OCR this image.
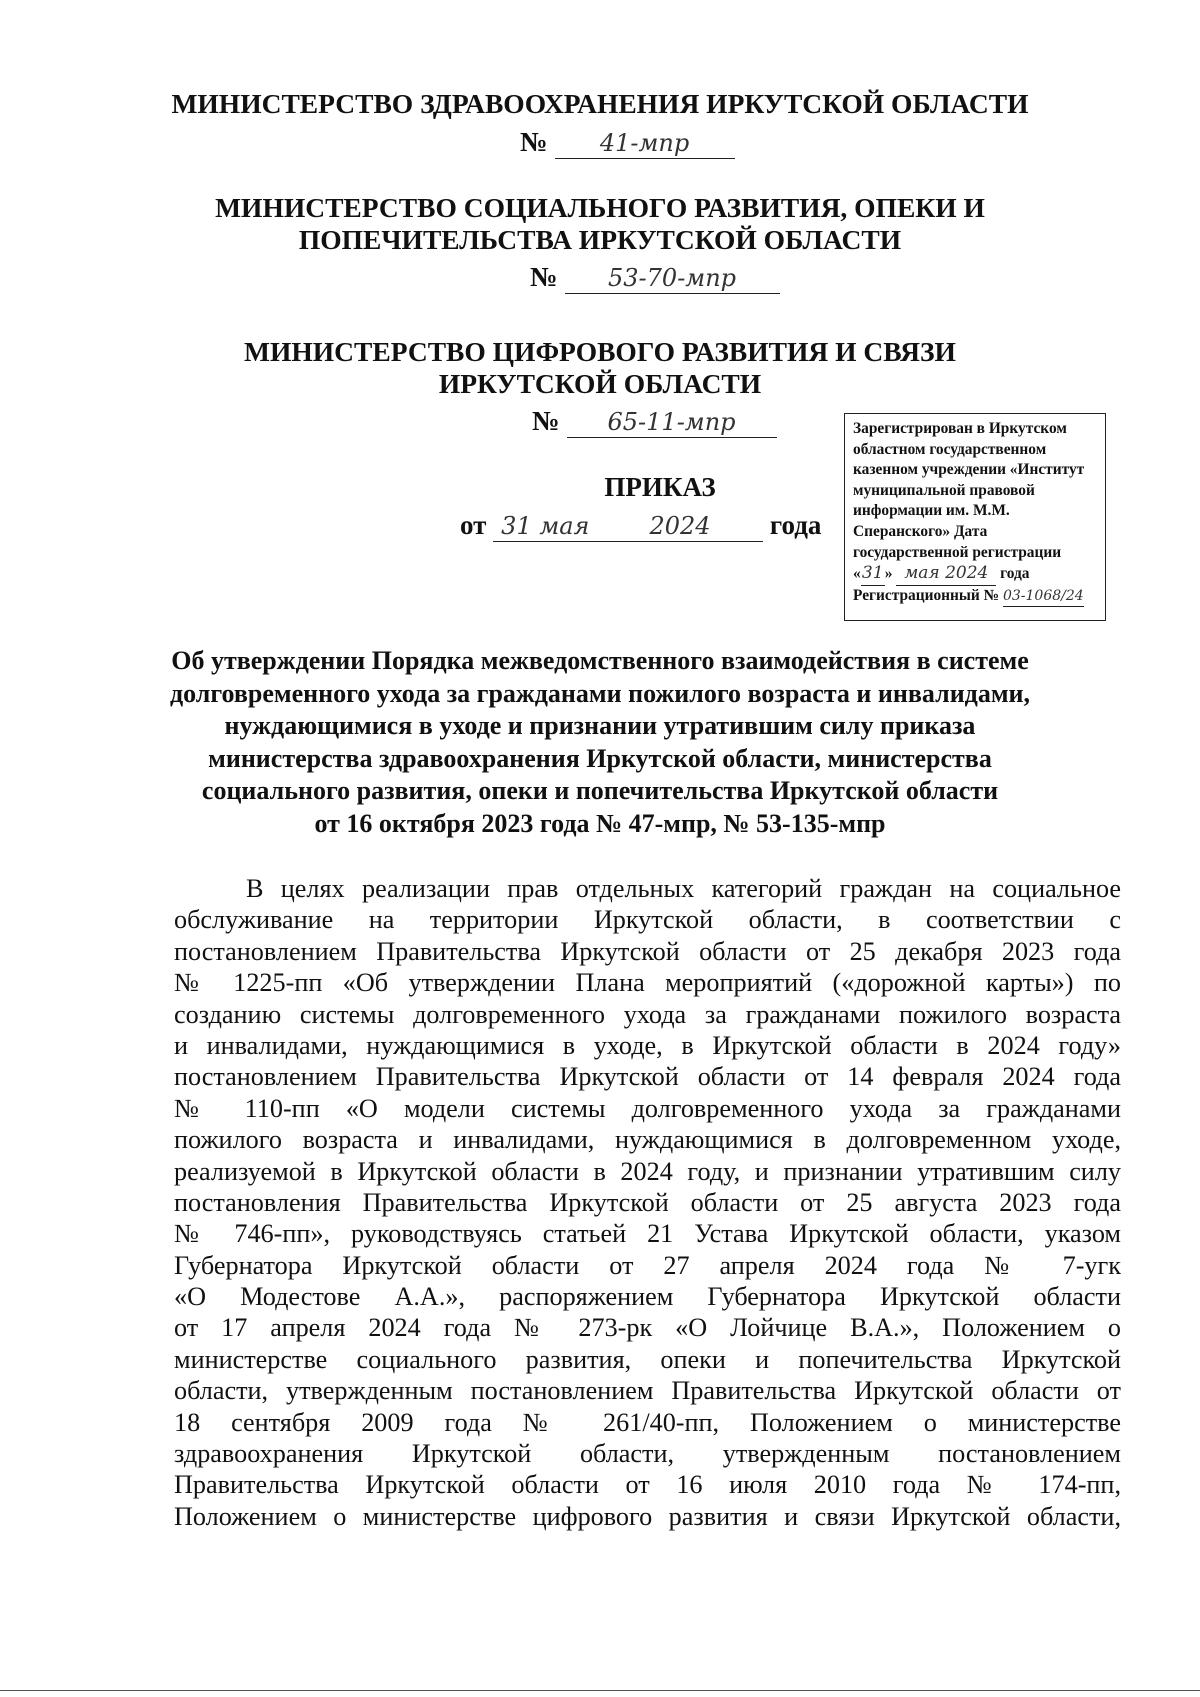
МИНИСТЕРСТВО ЗДРАВООХРАНЕНИЯ ИРКУТСКОЙ ОБЛАСТИ
№ 41-мпр
МИНИСТЕРСТВО СОЦИАЛЬНОГО РАЗВИТИЯ, ОПЕКИ И
ПОПЕЧИТЕЛЬСТВА ИРКУТСКОЙ ОБЛАСТИ
№ 53-70-мпр
МИНИСТЕРСТВО ЦИФРОВОГО РАЗВИТИЯ И СВЯЗИ
ИРКУТСКОЙ ОБЛАСТИ
№ 65-11-мпр
ПРИКАЗ
от 31 мая	2024 года
Зарегистрирован в Иркутском
областном государственном
казенном учреждении «Институт
муниципальной правовой
информации им. М.М.
Сперанского» Дата
государственной регистрации
«31» мая 2024 года
Регистрационный № 03-1068/24
Об утверждении Порядка межведомственного взаимодействия в системе
долговременного ухода за гражданами пожилого возраста и инвалидами,
нуждающимися в уходе и признании утратившим силу приказа
министерства здравоохранения Иркутской области, министерства
социального развития, опеки и попечительства Иркутской области
от 16 октября 2023 года № 47-мпр, № 53-135-мпр
В целях реализации прав отдельных категорий граждан на социальное
обслуживание на территории Иркутской области, в соответствии с
постановлением Правительства Иркутской области от 25 декабря 2023 года
№ 1225-пп «Об утверждении Плана мероприятий («дорожной карты») по
созданию системы долговременного ухода за гражданами пожилого возраста
и инвалидами, нуждающимися в уходе, в Иркутской области в 2024 году»
постановлением Правительства Иркутской области от 14 февраля 2024 года
№ 110-пп «О модели системы долговременного ухода за гражданами
пожилого возраста и инвалидами, нуждающимися в долговременном уходе,
реализуемой в Иркутской области в 2024 году, и признании утратившим силу
постановления Правительства Иркутской области от 25 августа 2023 года
№ 746-пп», руководствуясь статьей 21 Устава Иркутской области, указом
Губернатора Иркутской области от 27 апреля 2024 года № 7-угк
«О Модестове А.А.», распоряжением Губернатора Иркутской области
от 17 апреля 2024 года № 273-рк «О Лойчице В.А.», Положением о
министерстве социального развития, опеки и попечительства Иркутской
области, утвержденным постановлением Правительства Иркутской области от
18 сентября 2009 года № 261/40-пп, Положением о министерстве
здравоохранения Иркутской области, утвержденным постановлением
Правительства Иркутской области от 16 июля 2010 года № 174-пп,
Положением о министерстве цифрового развития и связи Иркутской области,
